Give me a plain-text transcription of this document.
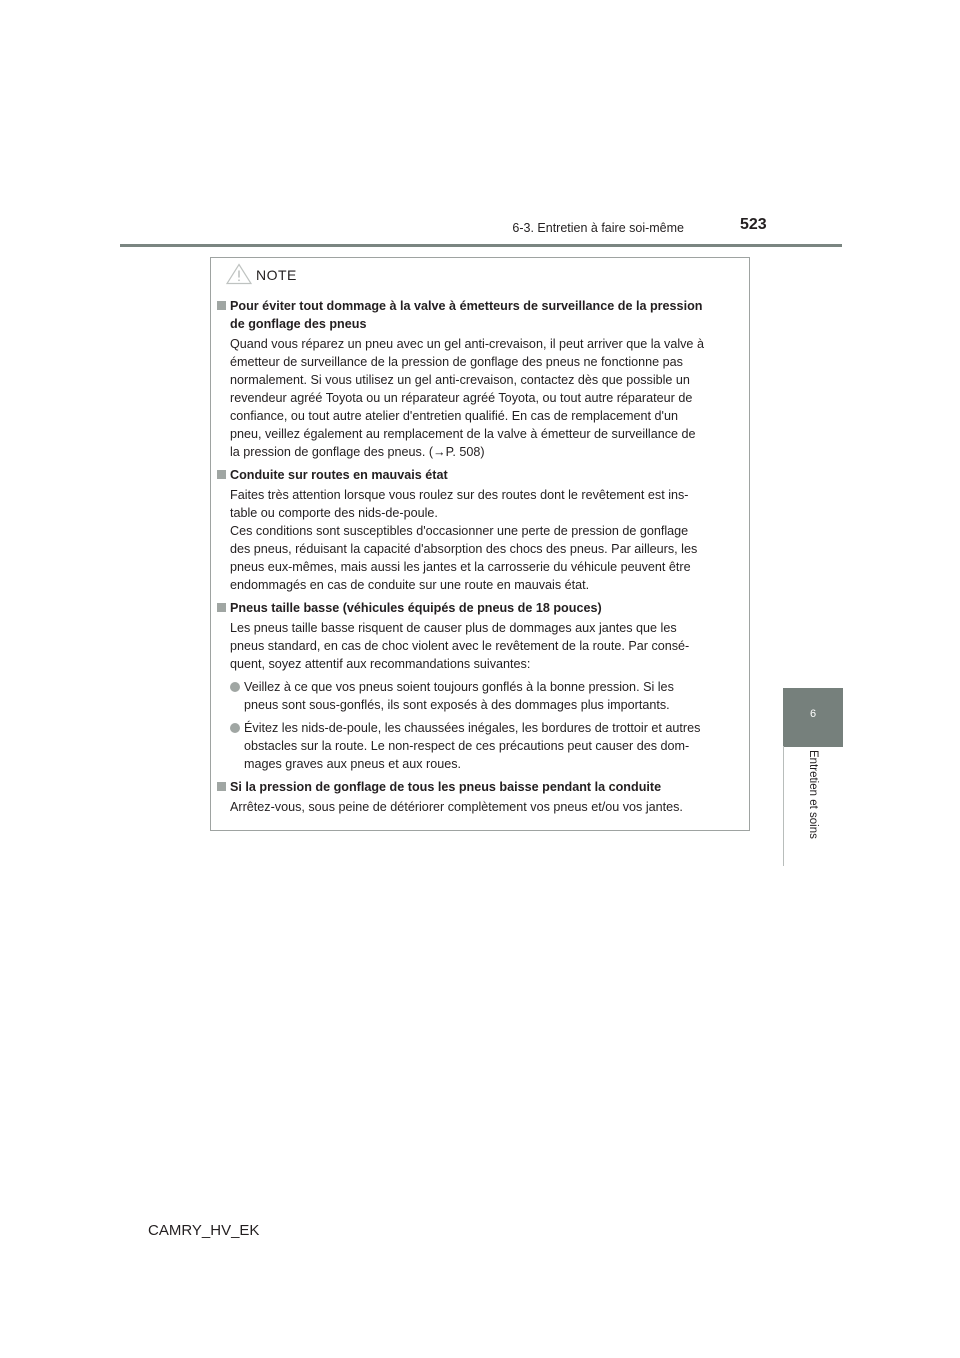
6-3. Entretien à faire soi-même	523
6
Entretien et soins
NOTE
Pour éviter tout dommage à la valve à émetteurs de surveillance de la pression
de gonflage des pneus
Quand vous réparez un pneu avec un gel anti-crevaison, il peut arriver que la valve à
émetteur de surveillance de la pression de gonflage des pneus ne fonctionne pas
normalement. Si vous utilisez un gel anti-crevaison, contactez dès que possible un
revendeur agréé Toyota ou un réparateur agréé Toyota, ou tout autre réparateur de
confiance, ou tout autre atelier d'entretien qualifié. En cas de remplacement d'un
pneu, veillez également au remplacement de la valve à émetteur de surveillance de
la pression de gonflage des pneus. (→P. 508)
Conduite sur routes en mauvais état
Faites très attention lorsque vous roulez sur des routes dont le revêtement est ins-
table ou comporte des nids-de-poule.
Ces conditions sont susceptibles d'occasionner une perte de pression de gonflage
des pneus, réduisant la capacité d'absorption des chocs des pneus. Par ailleurs, les
pneus eux-mêmes, mais aussi les jantes et la carrosserie du véhicule peuvent être
endommagés en cas de conduite sur une route en mauvais état.
Pneus taille basse (véhicules équipés de pneus de 18 pouces)
Les pneus taille basse risquent de causer plus de dommages aux jantes que les
pneus standard, en cas de choc violent avec le revêtement de la route. Par consé-
quent, soyez attentif aux recommandations suivantes:
Veillez à ce que vos pneus soient toujours gonflés à la bonne pression. Si les
pneus sont sous-gonflés, ils sont exposés à des dommages plus importants.
Évitez les nids-de-poule, les chaussées inégales, les bordures de trottoir et autres
obstacles sur la route. Le non-respect de ces précautions peut causer des dom-
mages graves aux pneus et aux roues.
Si la pression de gonflage de tous les pneus baisse pendant la conduite
Arrêtez-vous, sous peine de détériorer complètement vos pneus et/ou vos jantes.
CAMRY_HV_EK
